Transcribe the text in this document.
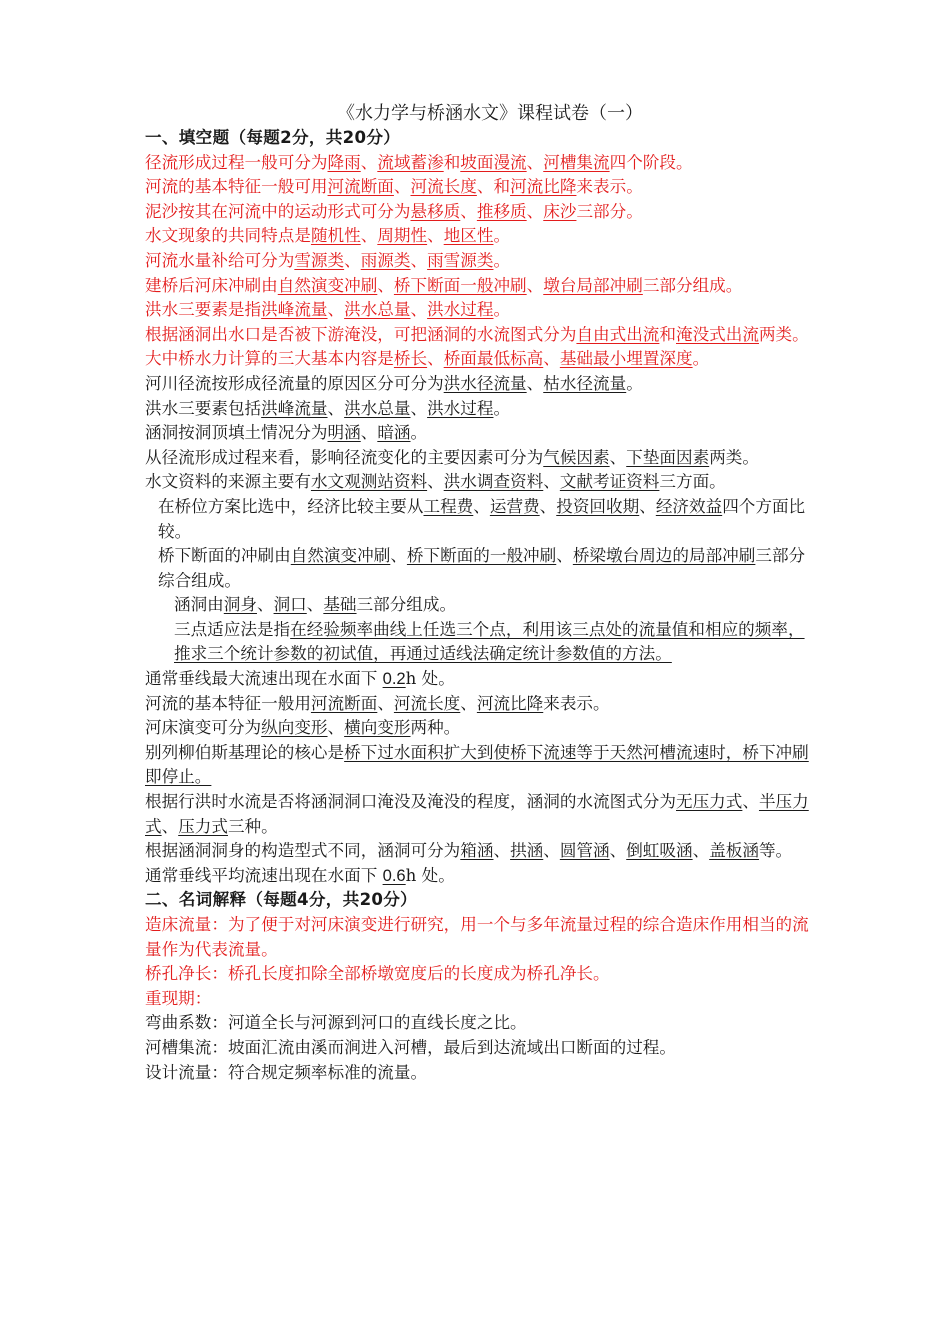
《水力学与桥涵水文》课程试卷（一）
一、填空题（每题2分，共20分）
径流形成过程一般可分为降雨、流域蓄渗和坡面漫流、河槽集流四个阶段。
河流的基本特征一般可用河流断面、河流长度、和河流比降来表示。
泥沙按其在河流中的运动形式可分为悬移质、推移质、床沙三部分。
水文现象的共同特点是随机性、周期性、地区性。
河流水量补给可分为雪源类、雨源类、雨雪源类。
建桥后河床冲刷由自然演变冲刷、桥下断面一般冲刷、墩台局部冲刷三部分组成。
洪水三要素是指洪峰流量、洪水总量、洪水过程。
根据涵洞出水口是否被下游淹没，可把涵洞的水流图式分为自由式出流和淹没式出流两类。
大中桥水力计算的三大基本内容是桥长、桥面最低标高、基础最小埋置深度。
河川径流按形成径流量的原因区分可分为洪水径流量、枯水径流量。
洪水三要素包括洪峰流量、洪水总量、洪水过程。
涵洞按洞顶填土情况分为明涵、暗涵。
从径流形成过程来看，影响径流变化的主要因素可分为气候因素、下垫面因素两类。
水文资料的来源主要有水文观测站资料、洪水调查资料、文献考证资料三方面。
在桥位方案比选中，经济比较主要从工程费、运营费、投资回收期、经济效益四个方面比较。
桥下断面的冲刷由自然演变冲刷、桥下断面的一般冲刷、桥梁墩台周边的局部冲刷三部分综合组成。
涵洞由洞身、洞口、基础三部分组成。
三点适应法是指在经验频率曲线上任选三个点，利用该三点处的流量值和相应的频率，推求三个统计参数的初试值，再通过适线法确定统计参数值的方法。
通常垂线最大流速出现在水面下 0.2h 处。
河流的基本特征一般用河流断面、河流长度、河流比降来表示。
河床演变可分为纵向变形、横向变形两种。
别列柳伯斯基理论的核心是桥下过水面积扩大到使桥下流速等于天然河槽流速时，桥下冲刷即停止。
根据行洪时水流是否将涵洞洞口淹没及淹没的程度，涵洞的水流图式分为无压力式、半压力式、压力式三种。
根据涵洞洞身的构造型式不同，涵洞可分为箱涵、拱涵、圆管涵、倒虹吸涵、盖板涵等。
通常垂线平均流速出现在水面下 0.6h 处。
二、名词解释（每题4分，共20分）
造床流量：为了便于对河床演变进行研究，用一个与多年流量过程的综合造床作用相当的流量作为代表流量。
桥孔净长：桥孔长度扣除全部桥墩宽度后的长度成为桥孔净长。
重现期：
弯曲系数：河道全长与河源到河口的直线长度之比。
河槽集流：坡面汇流由溪而涧进入河槽，最后到达流域出口断面的过程。
设计流量：符合规定频率标准的流量。
